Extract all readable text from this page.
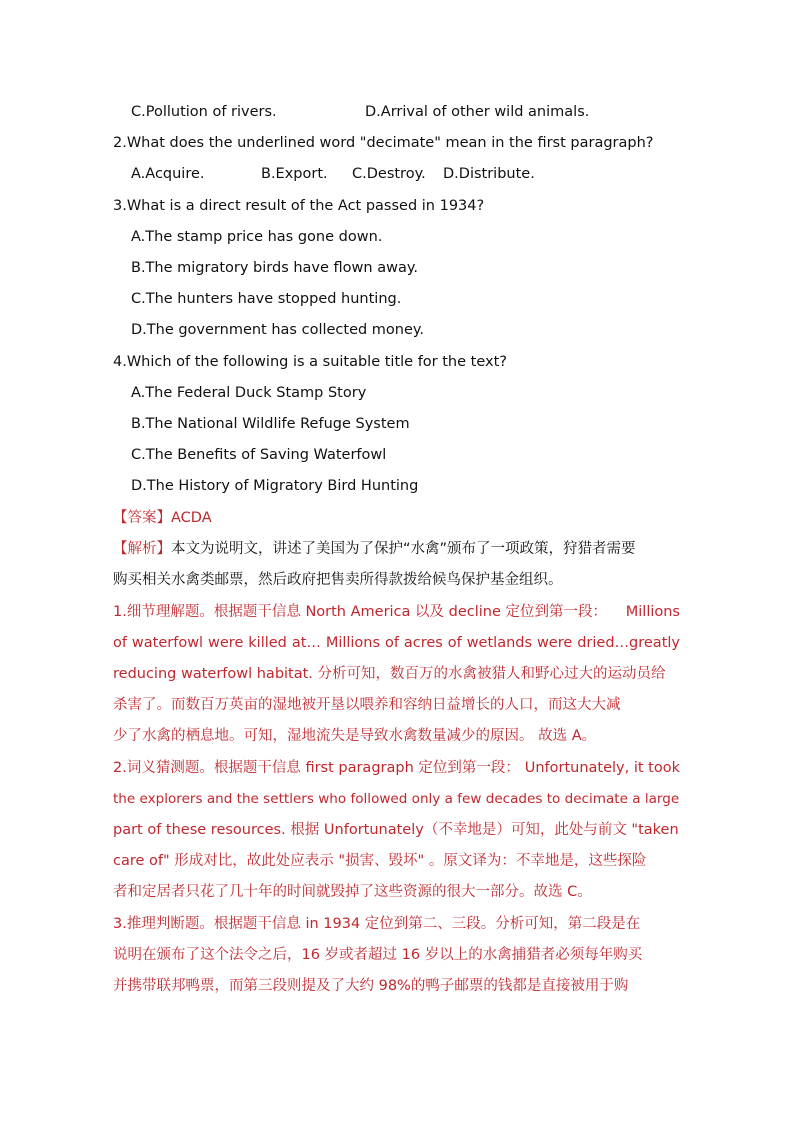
C.Pollution of rivers.	D.Arrival of other wild animals.
2.What does the underlined word "decimate" mean in the first paragraph?
A.Acquire.	B.Export. C.Destroy. D.Distribute.
3.What is a direct result of the Act passed in 1934?
A.The stamp price has gone down.
B.The migratory birds have flown away.
C.The hunters have stopped hunting.
D.The government has collected money.
4.Which of the following is a suitable title for the text?
A.The Federal Duck Stamp Story
B.The National Wildlife Refuge System
C.The Benefits of Saving Waterfowl
D.The History of Migratory Bird Hunting
【答案】ACDA
【解析】本文为说明文，讲述了美国为了保护“水禽”颁布了一项政策，狩猎者需要
购买相关水禽类邮票，然后政府把售卖所得款拨给候鸟保护基金组织。
1.细节理解题。根据题干信息 North America 以及 decline 定位到第一段： Millions
of waterfowl were killed at… Millions of acres of wetlands were dried…greatly
reducing waterfowl habitat. 分析可知，数百万的水禽被猎人和野心过大的运动员给
杀害了。而数百万英亩的湿地被开垦以喂养和容纳日益增长的人口，而这大大减
少了水禽的栖息地。可知，湿地流失是导致水禽数量减少的原因。 故选 A。
2.词义猜测题。根据题干信息 first paragraph 定位到第一段： Unfortunately, it took
the explorers and the settlers who followed only a few decades to decimate a large
part of these resources. 根据 Unfortunately（不幸地是）可知，此处与前文 "taken
care of" 形成对比，故此处应表示 "损害、毁坏" 。原文译为：不幸地是，这些探险
者和定居者只花了几十年的时间就毁掉了这些资源的很大一部分。故选 C。
3.推理判断题。根据题干信息 in 1934 定位到第二、三段。分析可知，第二段是在
说明在颁布了这个法令之后，16 岁或者超过 16 岁以上的水禽捕猎者必须每年购买
并携带联邦鸭票，而第三段则提及了大约 98%的鸭子邮票的钱都是直接被用于购
